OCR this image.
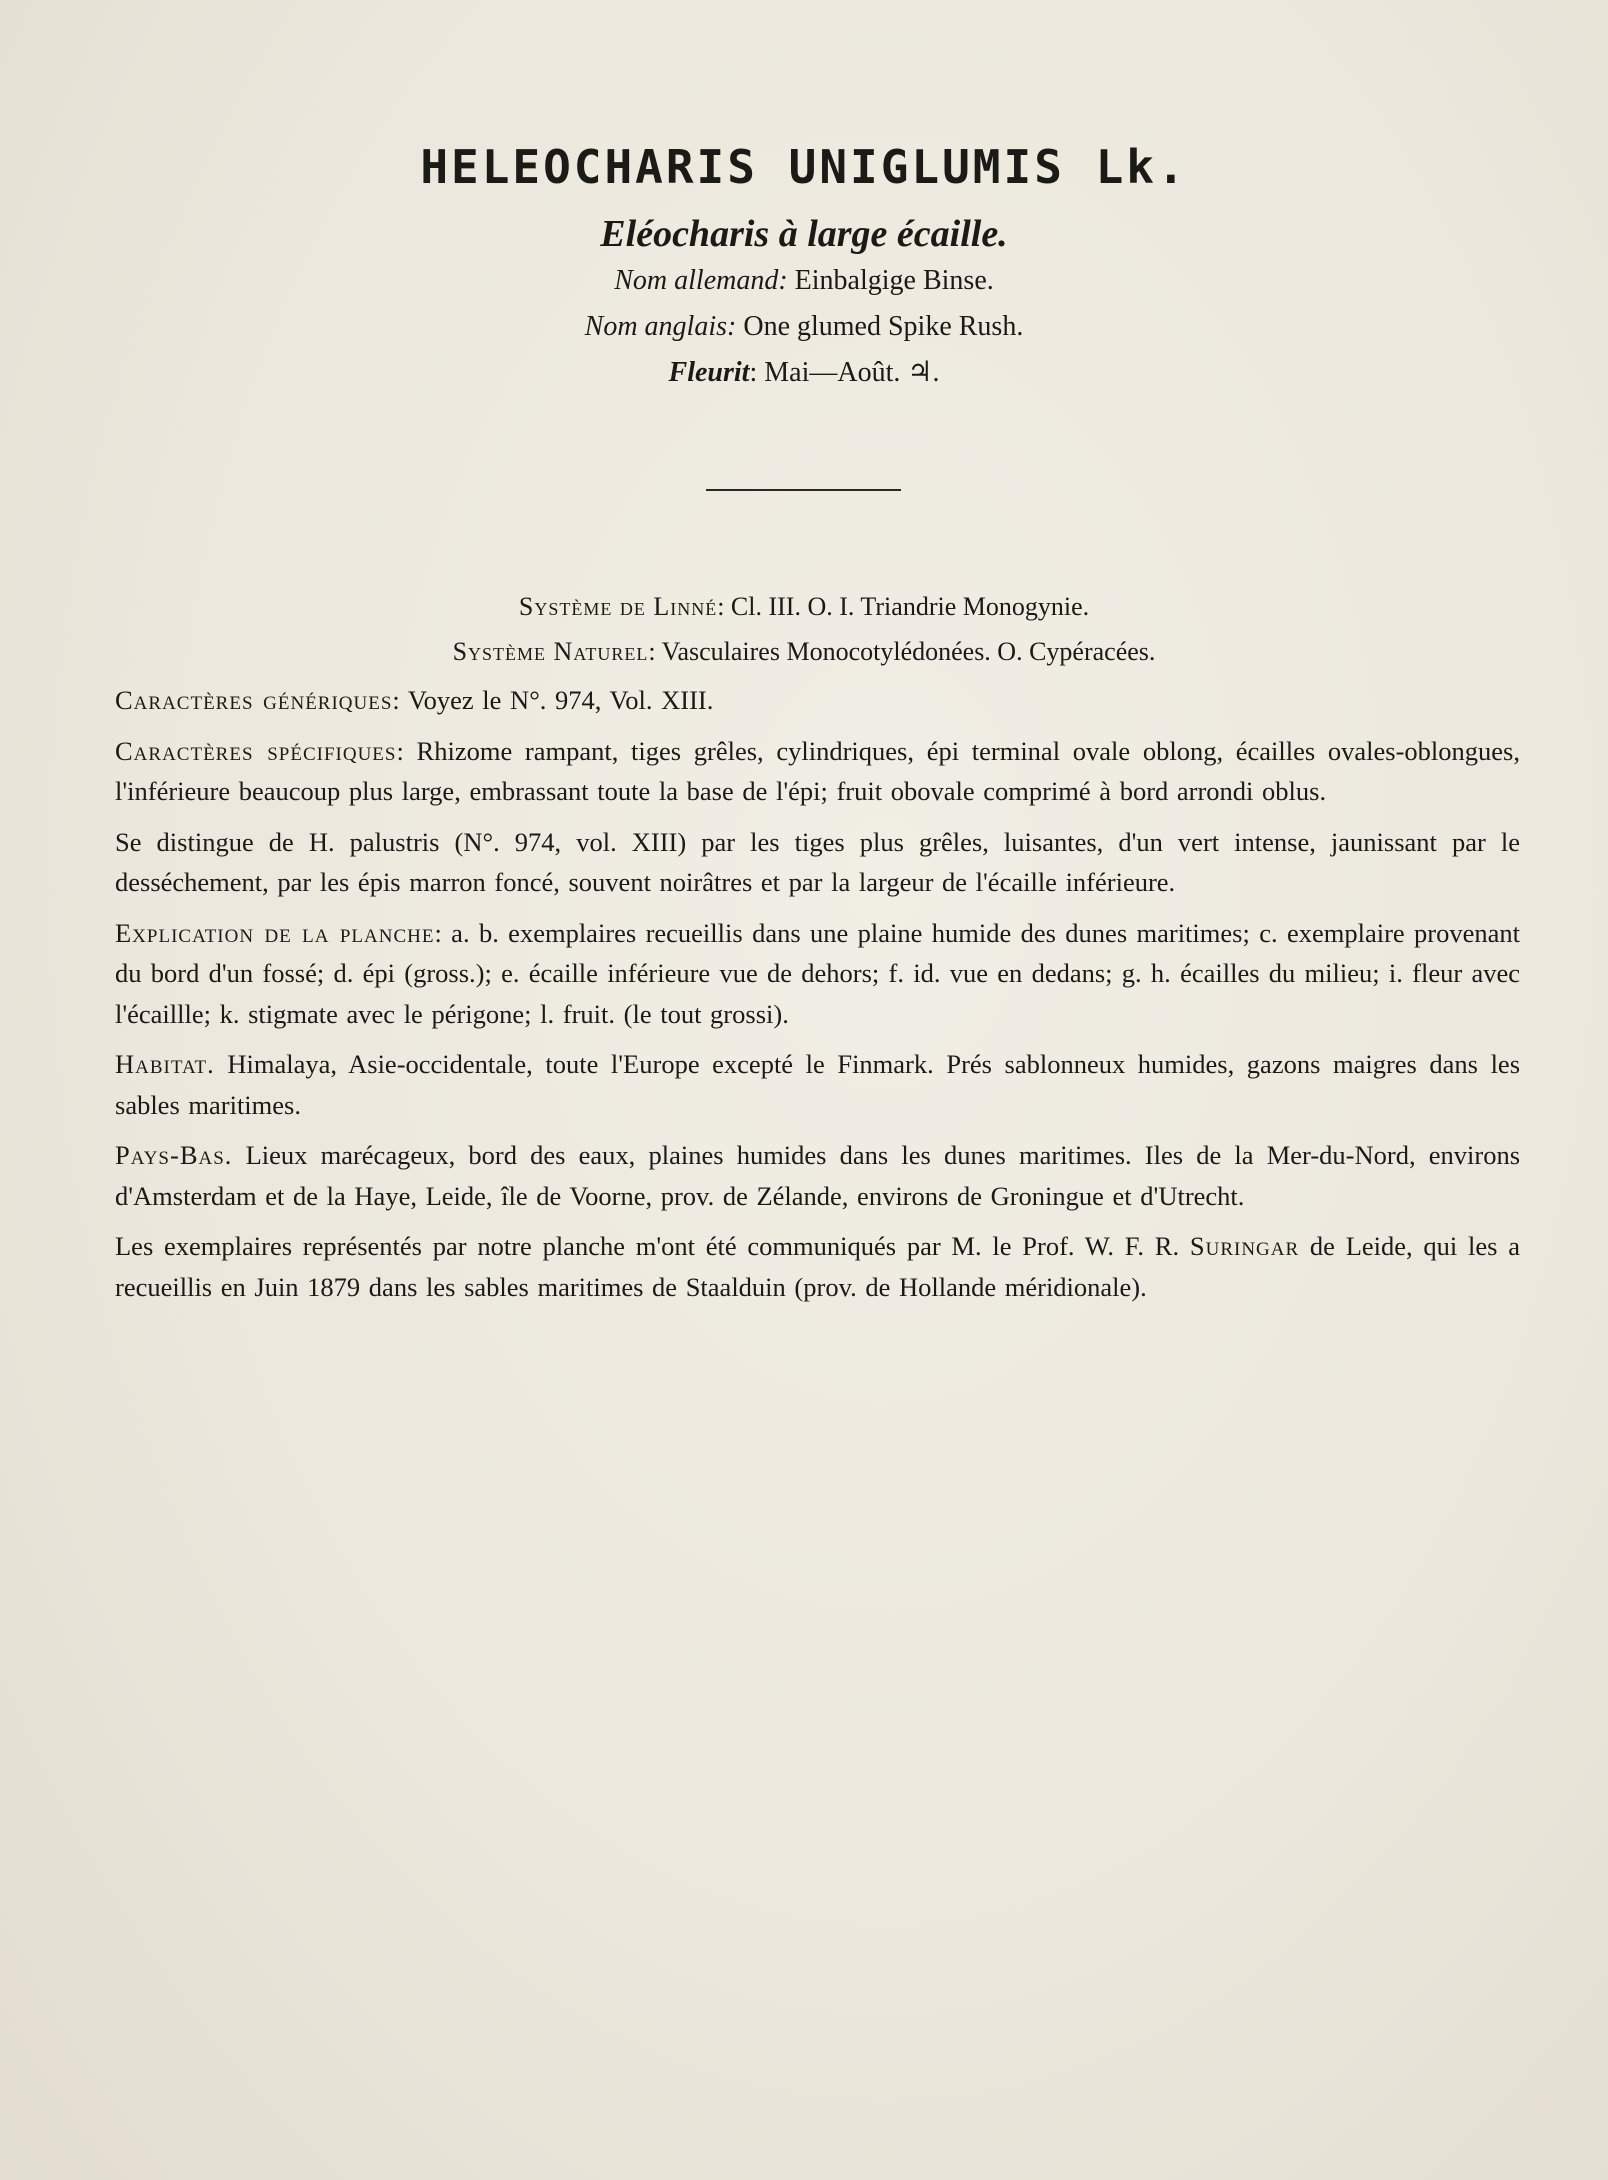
HELEOCHARIS UNIGLUMIS Lk.
Eléocharis à large écaille.
Nom allemand: Einbalgige Binse.
Nom anglais: One glumed Spike Rush.
Fleurit: Mai—Août. ♃.
Système de Linné: Cl. III. O. I. Triandrie Monogynie.
Système Naturel: Vasculaires Monocotylédonées. O. Cypéracées.

Caractères génériques: Voyez le N°. 974, Vol. XIII.

Caractères spécifiques: Rhizome rampant, tiges grêles, cylindriques, épi terminal ovale oblong, écailles ovales-oblongues, l'inférieure beaucoup plus large, embrassant toute la base de l'épi; fruit obovale comprimé à bord arrondi oblus.

Se distingue de H. palustris (N°. 974, vol. XIII) par les tiges plus grêles, luisantes, d'un vert intense, jaunissant par le desséchement, par les épis marron foncé, souvent noirâtres et par la largeur de l'écaille inférieure.

Explication de la planche: a. b. exemplaires recueillis dans une plaine humide des dunes maritimes; c. exemplaire provenant du bord d'un fossé; d. épi (gross.); e. écaille inférieure vue de dehors; f. id. vue en dedans; g. h. écailles du milieu; i. fleur avec l'écaillle; k. stigmate avec le périgone; l. fruit. (le tout grossi).

Habitat. Himalaya, Asie-occidentale, toute l'Europe excepté le Finmark. Prés sablonneux humides, gazons maigres dans les sables maritimes.

Pays-Bas. Lieux marécageux, bord des eaux, plaines humides dans les dunes maritimes. Iles de la Mer-du-Nord, environs d'Amsterdam et de la Haye, Leide, île de Voorne, prov. de Zélande, environs de Groningue et d'Utrecht.

Les exemplaires représentés par notre planche m'ont été communiqués par M. le Prof. W. F. R. Suringar de Leide, qui les a recueillis en Juin 1879 dans les sables maritimes de Staalduin (prov. de Hollande méridionale).
